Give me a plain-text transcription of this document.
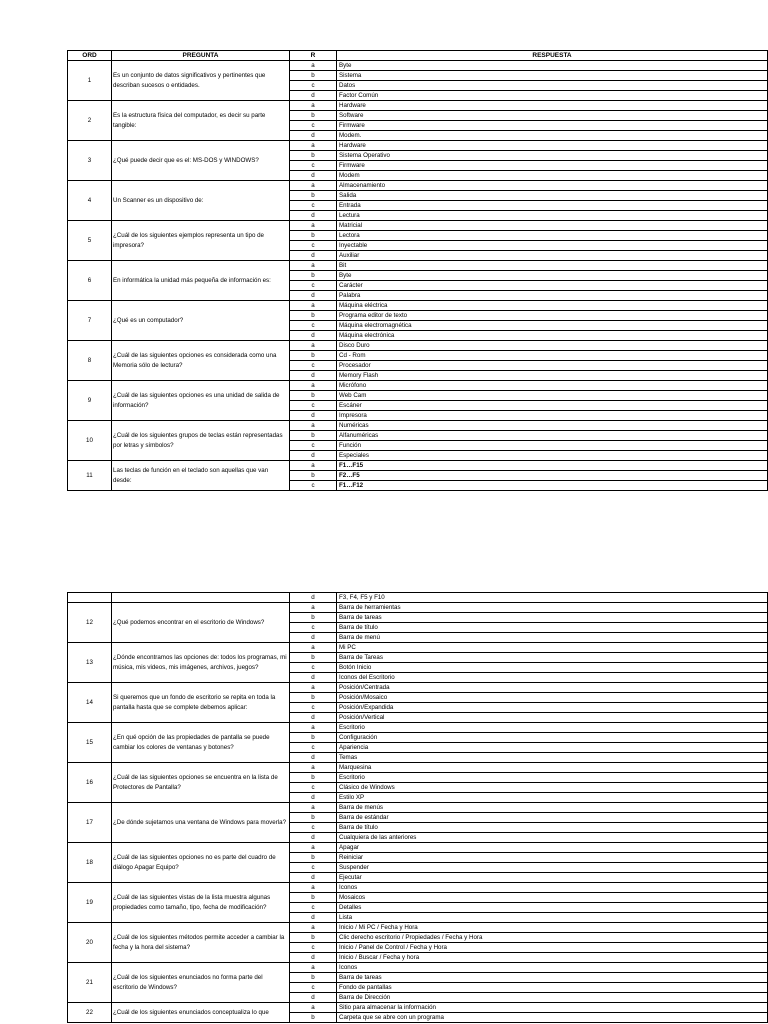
ORD	PREGUNTA	R	RESPUESTA
1	Es un conjunto de datos significativos y pertinentes que describan sucesos o entidades.	a	Byte
		b	Sistema
		c	Datos
		d	Factor Común
2	Es la estructura física del computador, es decir su parte tangible:	a	Hardware
		b	Software
		c	Firmware
		d	Modem.
3	¿Qué puede decir que es el: MS-DOS y WINDOWS?	a	Hardware
		b	Sistema Operativo
		c	Firmware
		d	Modem
4	Un Scanner es un dispositivo de:	a	Almacenamiento
		b	Salida
		c	Entrada
		d	Lectura
5	¿Cuál de los siguientes ejemplos representa un tipo de impresora?	a	Matricial
		b	Lectora
		c	Inyectable
		d	Auxiliar
6	En informática la unidad más pequeña de información es:	a	Bit
		b	Byte
		c	Carácter
		d	Palabra
7	¿Qué es un computador?	a	Máquina eléctrica
		b	Programa editor de texto
		c	Máquina electromagnética
		d	Máquina electrónica
8	¿Cuál de las siguientes opciones es considerada como una Memoria sólo de lectura?	a	Disco Duro
		b	Cd - Rom
		c	Procesador
		d	Memory Flash
9	¿Cuál de las siguientes opciones es una unidad de salida de información?	a	Micrófono
		b	Web Cam
		c	Escáner
		d	Impresora
10	¿Cuál de los siguientes grupos de teclas están representadas por letras y símbolos?	a	Numéricas
		b	Alfanuméricas
		c	Función
		d	Especiales
11	Las teclas de función en el teclado son aquellas que van desde:	a	F1…F15
		b	F2…F5
		c	F1…F12
		d	F3, F4, F5 y F10
12	¿Qué podemos encontrar en el escritorio de Windows?	a	Barra de herramientas
		b	Barra de tareas
		c	Barra de título
		d	Barra de menú
13	¿Dónde encontramos las opciones de: todos los programas, mi música, mis videos, mis imágenes, archivos, juegos?	a	Mi PC
		b	Barra de Tareas
		c	Botón Inicio
		d	Iconos del Escritorio
14	Si queremos que un fondo de escritorio se repita en toda la pantalla hasta que se complete debemos aplicar:	a	Posición/Centrada
		b	Posición/Mosaico
		c	Posición/Expandida
		d	Posición/Vertical
15	¿En qué opción de las propiedades de pantalla se puede cambiar los colores de ventanas y botones?	a	Escritorio
		b	Configuración
		c	Apariencia
		d	Temas
16	¿Cuál de las siguientes opciones se encuentra en la lista de Protectores de Pantalla?	a	Marquesina
		b	Escritorio
		c	Clásico de Windows
		d	Estilo XP
17	¿De dónde sujetamos una ventana de Windows para moverla?	a	Barra de menús
		b	Barra de estándar
		c	Barra de título
		d	Cualquiera de las anteriores
18	¿Cuál de las siguientes opciones no es parte del cuadro de diálogo Apagar Equipo?	a	Apagar
		b	Reiniciar
		c	Suspender
		d	Ejecutar
19	¿Cuál de las siguientes vistas de la lista muestra algunas propiedades como tamaño, tipo, fecha de modificación?	a	Iconos
		b	Mosaicos
		c	Detalles
		d	Lista
20	¿Cuál de los siguientes métodos permite acceder a cambiar la fecha y la hora del sistema?	a	Inicio / Mi PC / Fecha y Hora
		b	Clic derecho escritorio / Propiedades / Fecha y Hora
		c	Inicio / Panel de Control / Fecha y Hora
		d	Inicio / Buscar / Fecha y hora
21	¿Cuál de los siguientes enunciados no forma parte del escritorio de Windows?	a	Iconos
		b	Barra de tareas
		c	Fondo de pantallas
		d	Barra de Dirección
22	¿Cuál de los siguientes enunciados conceptualiza lo que	a	Sitio para almacenar la información
		b	Carpeta que se abre con un programa
